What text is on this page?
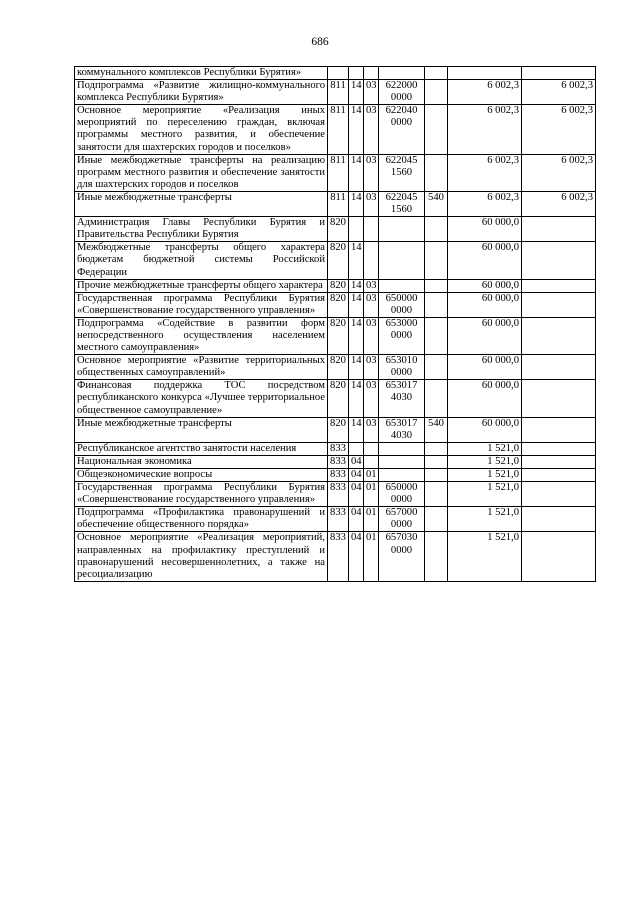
686
коммунального комплексов Республики Бурятия»							
Подпрограмма «Развитие жилищно-коммунального комплекса Республики Бурятия»	811	14	03	622000 0000		6 002,3	6 002,3
Основное мероприятие «Реализация иных мероприятий по переселению граждан, включая программы местного развития, и обеспечение занятости для шахтерских городов и поселков»	811	14	03	622040 0000		6 002,3	6 002,3
Иные межбюджетные трансферты на реализацию программ местного развития и обеспечение занятости для шахтерских городов и поселков	811	14	03	622045 1560		6 002,3	6 002,3
Иные межбюджетные трансферты	811	14	03	622045 1560	540	6 002,3	6 002,3
Администрация Главы Республики Бурятия и Правительства Республики Бурятия	820					60 000,0	
Межбюджетные трансферты общего характера бюджетам бюджетной системы Российской Федерации	820	14				60 000,0	
Прочие межбюджетные трансферты общего характера	820	14	03			60 000,0	
Государственная программа Республики Бурятия «Совершенствование государственного управления»	820	14	03	650000 0000		60 000,0	
Подпрограмма «Содействие в развитии форм непосредственного осуществления населением местного самоуправления»	820	14	03	653000 0000		60 000,0	
Основное мероприятие «Развитие территориальных общественных самоуправлений»	820	14	03	653010 0000		60 000,0	
Финансовая поддержка ТОС посредством республиканского конкурса «Лучшее территориальное общественное самоуправление»	820	14	03	653017 4030		60 000,0	
Иные межбюджетные трансферты	820	14	03	653017 4030	540	60 000,0	
Республиканское агентство занятости населения	833					1 521,0	
Национальная экономика	833	04				1 521,0	
Общеэкономические вопросы	833	04	01			1 521,0	
Государственная программа Республики Бурятия «Совершенствование государственного управления»	833	04	01	650000 0000		1 521,0	
Подпрограмма «Профилактика правонарушений и обеспечение общественного порядка»	833	04	01	657000 0000		1 521,0	
Основное мероприятие «Реализация мероприятий, направленных на профилактику преступлений и правонарушений несовершеннолетних, а также на ресоциализацию	833	04	01	657030 0000		1 521,0	
